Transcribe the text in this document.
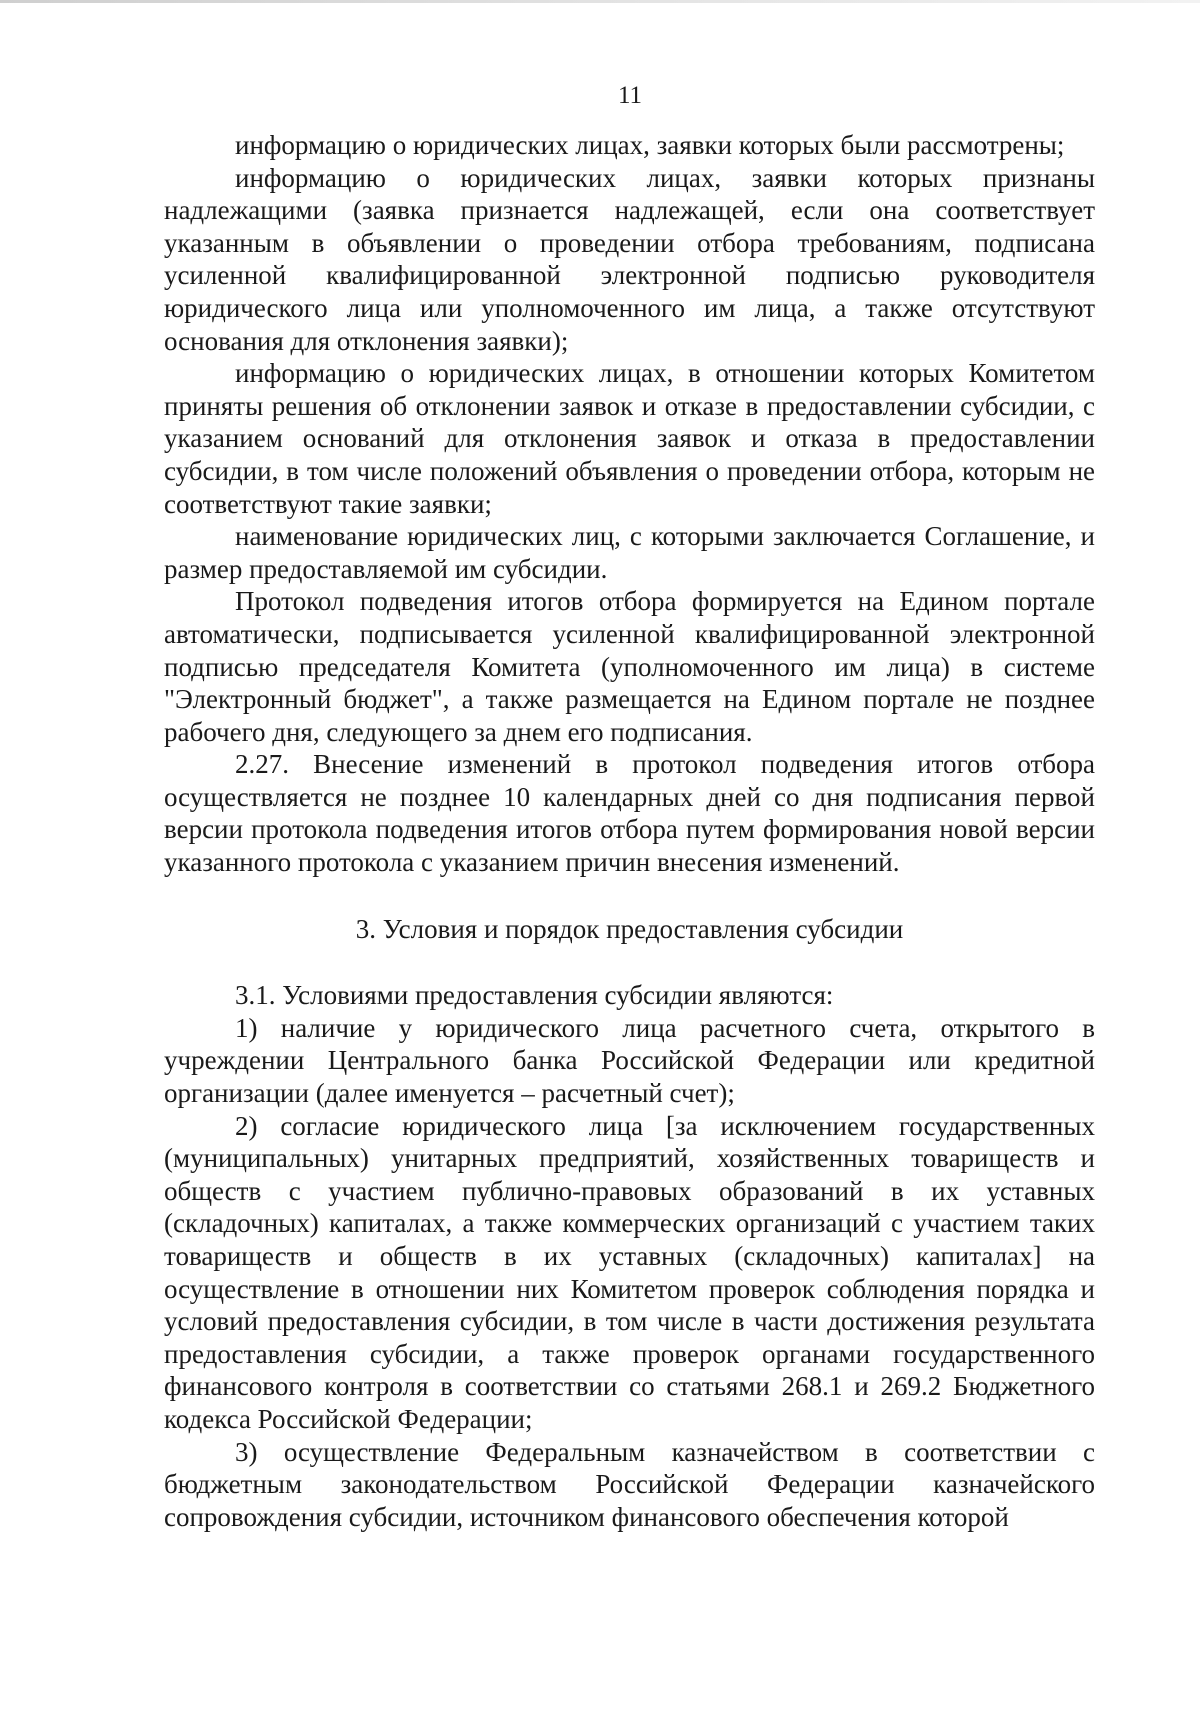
11

информацию о юридических лицах, заявки которых были рассмотрены;

информацию о юридических лицах, заявки которых признаны надлежащими (заявка признается надлежащей, если она соответствует указанным в объявлении о проведении отбора требованиям, подписана усиленной квалифицированной электронной подписью руководителя юридического лица или уполномоченного им лица, а также отсутствуют основания для отклонения заявки);

информацию о юридических лицах, в отношении которых Комитетом приняты решения об отклонении заявок и отказе в предоставлении субсидии, с указанием оснований для отклонения заявок и отказа в предоставлении субсидии, в том числе положений объявления о проведении отбора, которым не соответствуют такие заявки;

наименование юридических лиц, с которыми заключается Соглашение, и размер предоставляемой им субсидии.

Протокол подведения итогов отбора формируется на Едином портале автоматически, подписывается усиленной квалифицированной электронной подписью председателя Комитета (уполномоченного им лица) в системе "Электронный бюджет", а также размещается на Едином портале не позднее рабочего дня, следующего за днем его подписания.

2.27. Внесение изменений в протокол подведения итогов отбора осуществляется не позднее 10 календарных дней со дня подписания первой версии протокола подведения итогов отбора путем формирования новой версии указанного протокола с указанием причин внесения изменений.

3. Условия и порядок предоставления субсидии

3.1. Условиями предоставления субсидии являются:

1) наличие у юридического лица расчетного счета, открытого в учреждении Центрального банка Российской Федерации или кредитной организации (далее именуется – расчетный счет);

2) согласие юридического лица [за исключением государственных (муниципальных) унитарных предприятий, хозяйственных товариществ и обществ с участием публично-правовых образований в их уставных (складочных) капиталах, а также коммерческих организаций с участием таких товариществ и обществ в их уставных (складочных) капиталах] на осуществление в отношении них Комитетом проверок соблюдения порядка и условий предоставления субсидии, в том числе в части достижения результата предоставления субсидии, а также проверок органами государственного финансового контроля в соответствии со статьями 268.1 и 269.2 Бюджетного кодекса Российской Федерации;

3) осуществление Федеральным казначейством в соответствии с бюджетным законодательством Российской Федерации казначейского сопровождения субсидии, источником финансового обеспечения которой
